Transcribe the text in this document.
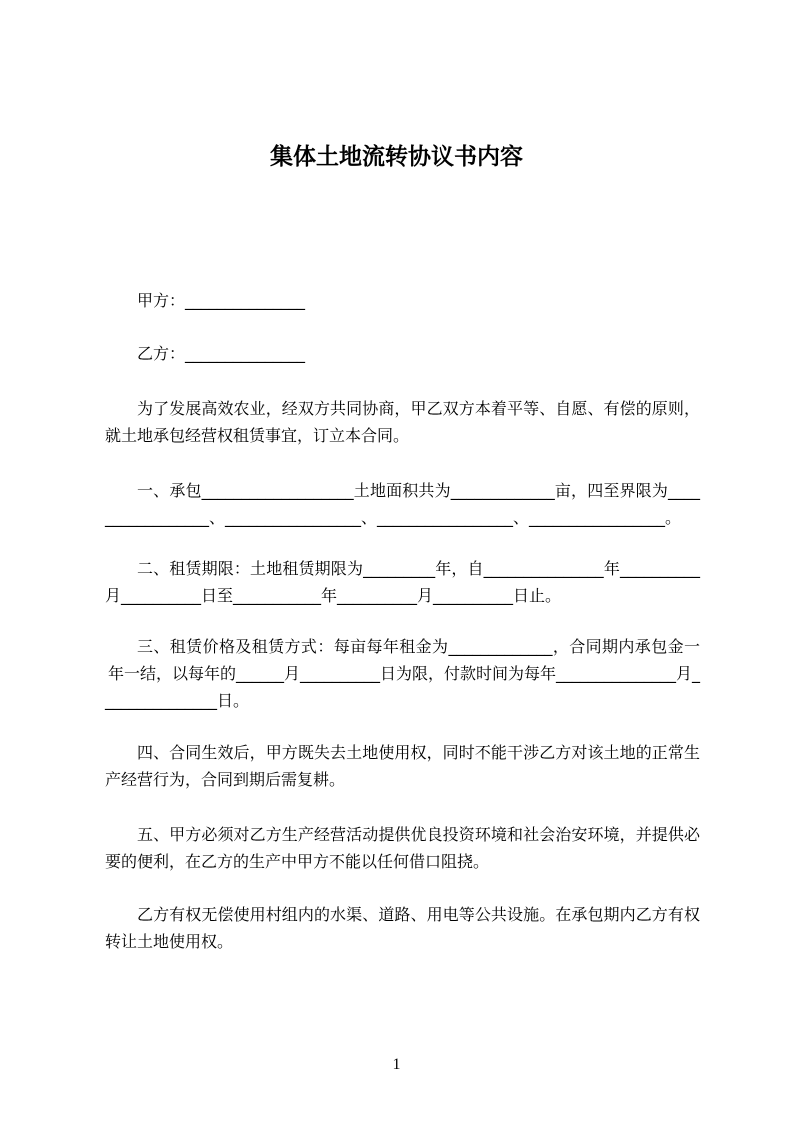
集体土地流转协议书内容
甲方：_______________
乙方：_______________
为了发展高效农业，经双方共同协商，甲乙双方本着平等、自愿、有偿的原则，
就土地承包经营权租赁事宜，订立本合同。
一、承包___________________土地面积共为_____________亩，四至界限为____
_____________、_________________、_________________、_________________。
二、租赁期限：土地租赁期限为_________年，自_______________年__________
月__________日至___________年__________月__________日止。
三、租赁价格及租赁方式：每亩每年租金为_____________，合同期内承包金一
年一结，以每年的______月__________日为限，付款时间为每年_______________月_
______________日。
四、合同生效后，甲方既失去土地使用权，同时不能干涉乙方对该土地的正常生
产经营行为，合同到期后需复耕。
五、甲方必须对乙方生产经营活动提供优良投资环境和社会治安环境，并提供必
要的便利，在乙方的生产中甲方不能以任何借口阻挠。
乙方有权无偿使用村组内的水渠、道路、用电等公共设施。在承包期内乙方有权
转让土地使用权。
1
